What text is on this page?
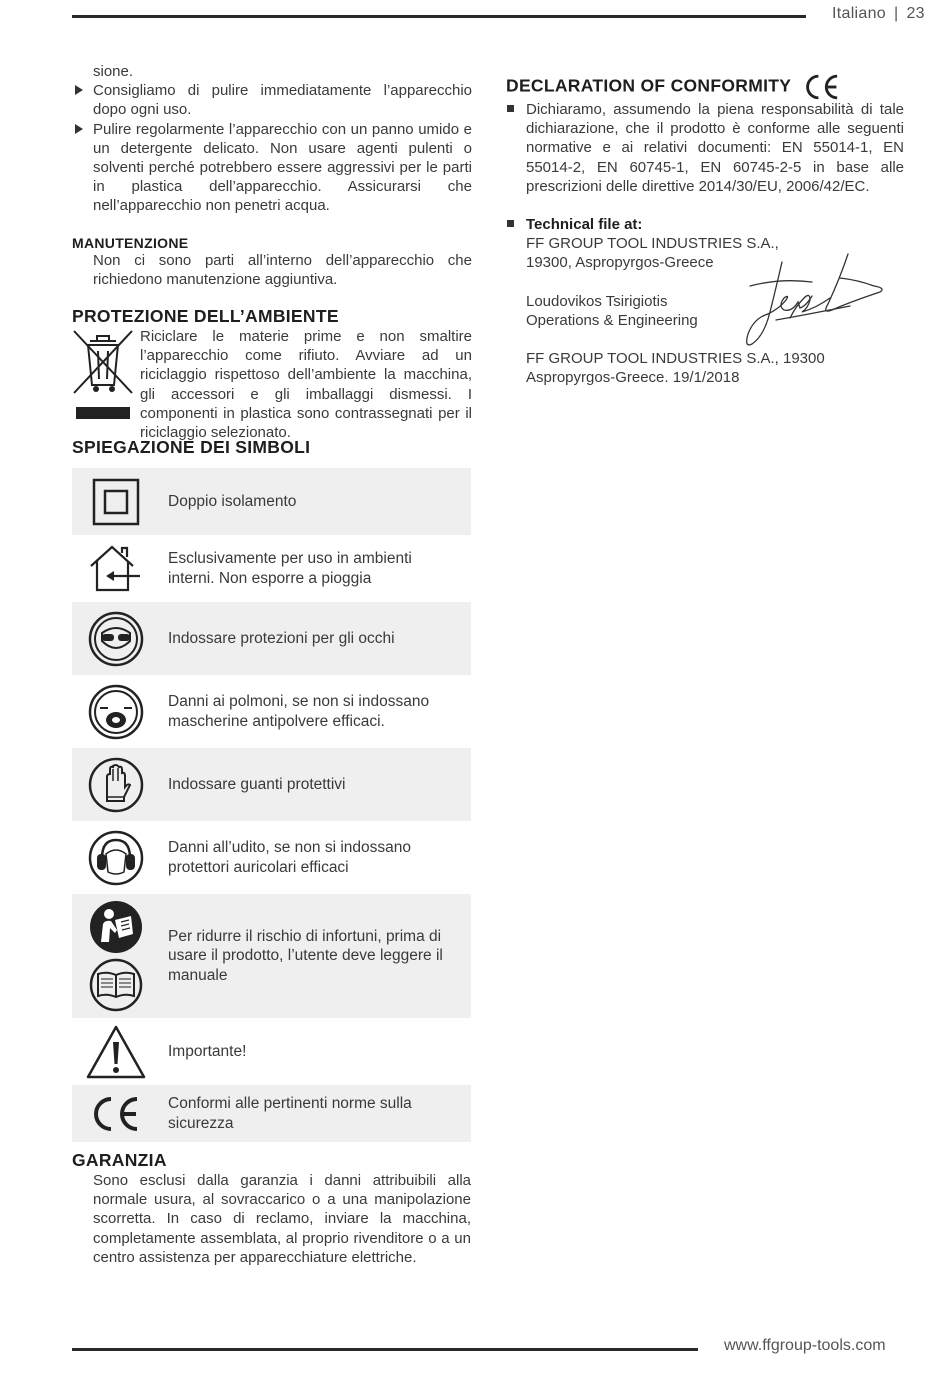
Italiano | 23

sione.

Consigliamo di pulire immediatamente l’apparecchio dopo ogni uso.
Pulire regolarmente l’apparecchio con un panno umido e un detergente delicato. Non usare agenti pulenti o solventi perché potrebbero essere aggressivi per le parti in plastica dell’apparecchio. Assicurarsi che nell’apparecchio non penetri acqua.
MANUTENZIONE

Non ci sono parti all’interno dell’apparecchio che richiedono manutenzione aggiuntiva.

PROTEZIONE DELL’AMBIENTE

Riciclare le materie prime e non smaltire l’apparecchio come rifiuto. Avviare ad un riciclaggio rispettoso dell’ambiente la macchina, gli accessori e gli imballaggi dismessi. I componenti in plastica sono contrassegnati per il riciclaggio selezionato.

SPIEGAZIONE DEI SIMBOLI
Doppio isolamento
Esclusivamente per uso in ambienti interni. Non esporre a pioggia
Indossare protezioni per gli occhi
Danni ai polmoni, se non si indossano mascherine antipolvere efficaci.
Indossare guanti protettivi
Danni all’udito, se non si indossano protettori auricolari efficaci
Per ridurre il rischio di infortuni, prima di usare il prodotto, l’utente deve leggere il manuale
Importante!
Conformi alle pertinenti norme sulla sicurezza
GARANZIA

Sono esclusi dalla garanzia i danni attribuibili alla normale usura, al sovraccarico o a una manipolazione scorretta. In caso di reclamo, inviare la macchina, completamente assemblata, al proprio rivenditore o a un centro assistenza per apparecchiature elettriche.

DECLARATION OF CONFORMITY
Dichiaramo, assumendo la piena responsabilità di tale dichiarazione, che il prodotto è conforme alle seguenti normative e ai relativi documenti: EN 55014-1, EN 55014-2, EN 60745-1, EN 60745-2-5 in base alle prescrizioni delle direttive 2014/30/EU, 2006/42/EC.
Technical file at:
FF GROUP TOOL INDUSTRIES S.A.,
19300, Aspropyrgos-Greece
Loudovikos Tsirigiotis
Operations & Engineering
FF GROUP TOOL INDUSTRIES S.A., 19300
Aspropyrgos-Greece. 19/1/2018
www.ffgroup-tools.com
